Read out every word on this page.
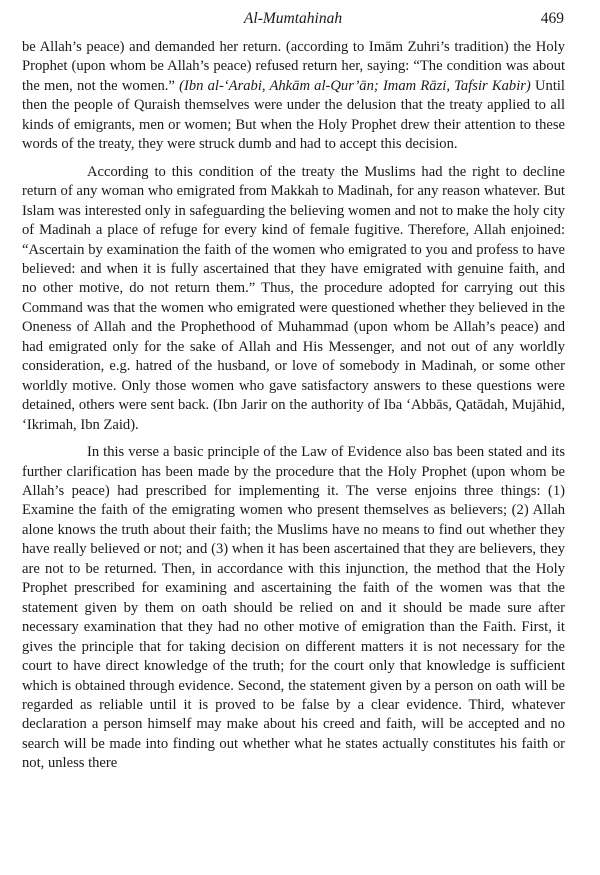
Al-Mumtahinah	469

be Allah’s peace) and demanded her return. (according to Imām Zuhri’s tradition) the Holy Prophet (upon whom be Allah’s peace) refused return her, saying: “The condition was about the men, not the women.” (Ibn al-‘Arabi, Ahkām al-Qur’ān; Imam Rāzi, Tafsir Kabir) Until then the people of Quraish themselves were under the delusion that the treaty applied to all kinds of emigrants, men or women; But when the Holy Prophet drew their attention to these words of the treaty, they were struck dumb and had to accept this decision.

According to this condition of the treaty the Muslims had the right to decline return of any woman who emigrated from Makkah to Madinah, for any reason whatever. But Islam was interested only in safeguarding the believing women and not to make the holy city of Madinah a place of refuge for every kind of female fugitive. Therefore, Allah enjoined: “Ascertain by examination the faith of the women who emigrated to you and profess to have believed: and when it is fully ascertained that they have emigrated with genuine faith, and no other motive, do not return them.” Thus, the procedure adopted for carrying out this Command was that the women who emigrated were questioned whether they believed in the Oneness of Allah and the Prophethood of Muhammad (upon whom be Allah’s peace) and had emigrated only for the sake of Allah and His Messenger, and not out of any worldly consideration, e.g. hatred of the husband, or love of somebody in Madinah, or some other worldly motive. Only those women who gave satisfactory answers to these questions were detained, others were sent back. (Ibn Jarir on the authority of Iba ‘Abbās, Qatādah, Mujāhid, ‘Ikrimah, Ibn Zaid).

In this verse a basic principle of the Law of Evidence also bas been stated and its further clarification has been made by the procedure that the Holy Prophet (upon whom be Allah’s peace) had prescribed for implementing it. The verse enjoins three things: (1) Examine the faith of the emigrating women who present themselves as believers; (2) Allah alone knows the truth about their faith; the Muslims have no means to find out whether they have really believed or not; and (3) when it has been ascertained that they are believers, they are not to be returned. Then, in accordance with this injunction, the method that the Holy Prophet prescribed for examining and ascertaining the faith of the women was that the statement given by them on oath should be relied on and it should be made sure after necessary examination that they had no other motive of emigration than the Faith. First, it gives the principle that for taking decision on different matters it is not necessary for the court to have direct knowledge of the truth; for the court only that knowledge is sufficient which is obtained through evidence. Second, the statement given by a person on oath will be regarded as reliable until it is proved to be false by a clear evidence. Third, whatever declaration a person himself may make about his creed and faith, will be accepted and no search will be made into finding out whether what he states actually constitutes his faith or not, unless there
